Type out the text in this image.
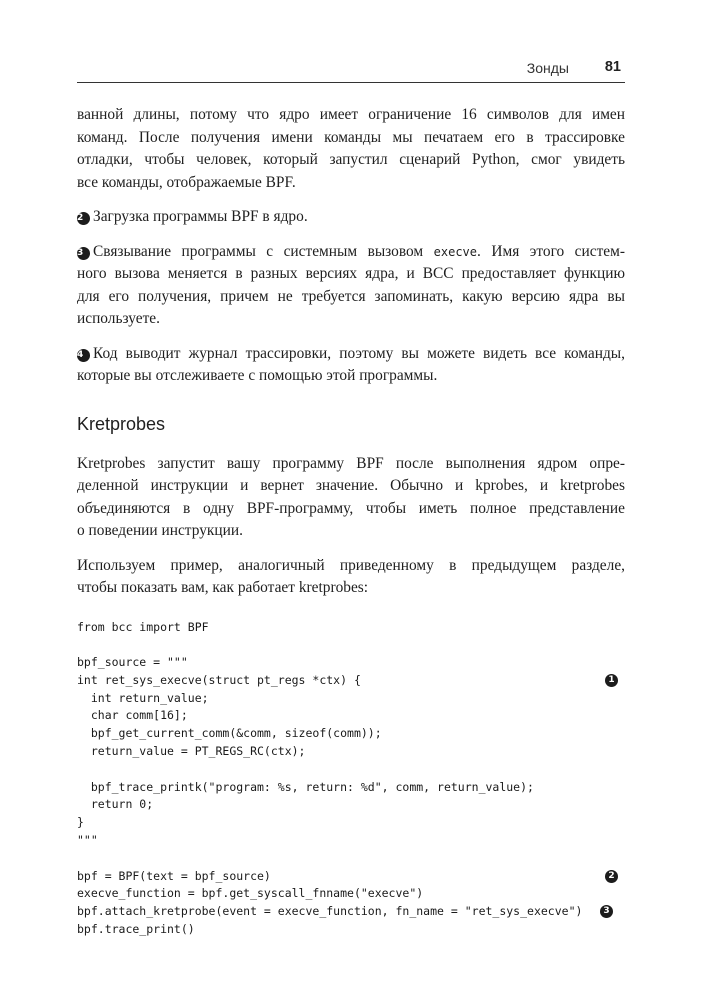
Зонды 81

ванной длины, потому что ядро имеет ограничение 16 символов для имен
команд. После получения имени команды мы печатаем его в трассировке
отладки, чтобы человек, который запустил сценарий Python, смог увидеть
все команды, отображаемые BPF.

2 Загрузка программы BPF в ядро.

3 Связывание программы с системным вызовом execve. Имя этого систем-
ного вызова меняется в разных версиях ядра, и BCC предоставляет функцию
для его получения, причем не требуется запоминать, какую версию ядра вы
используете.

4 Код выводит журнал трассировки, поэтому вы можете видеть все команды,
которые вы отслеживаете с помощью этой программы.

Kretprobes

Kretprobes запустит вашу программу BPF после выполнения ядром опре-
деленной инструкции и вернет значение. Обычно и kprobes, и kretprobes
объединяются в одну BPF-программу, чтобы иметь полное представление
о поведении инструкции.

Используем пример, аналогичный приведенному в предыдущем разделе,
чтобы показать вам, как работает kretprobes:

from bcc import BPF
bpf_source = """
int ret_sys_execve(struct pt_regs *ctx) {	1
int return_value;
char comm[16];
bpf_get_current_comm(&comm, sizeof(comm));
return_value = PT_REGS_RC(ctx);
bpf_trace_printk("program: %s, return: %d", comm, return_value);
return 0;
}
"""
bpf = BPF(text = bpf_source)	2
execve_function = bpf.get_syscall_fnname("execve")
bpf.attach_kretprobe(event = execve_function, fn_name = "ret_sys_execve")	3
bpf.trace_print()
